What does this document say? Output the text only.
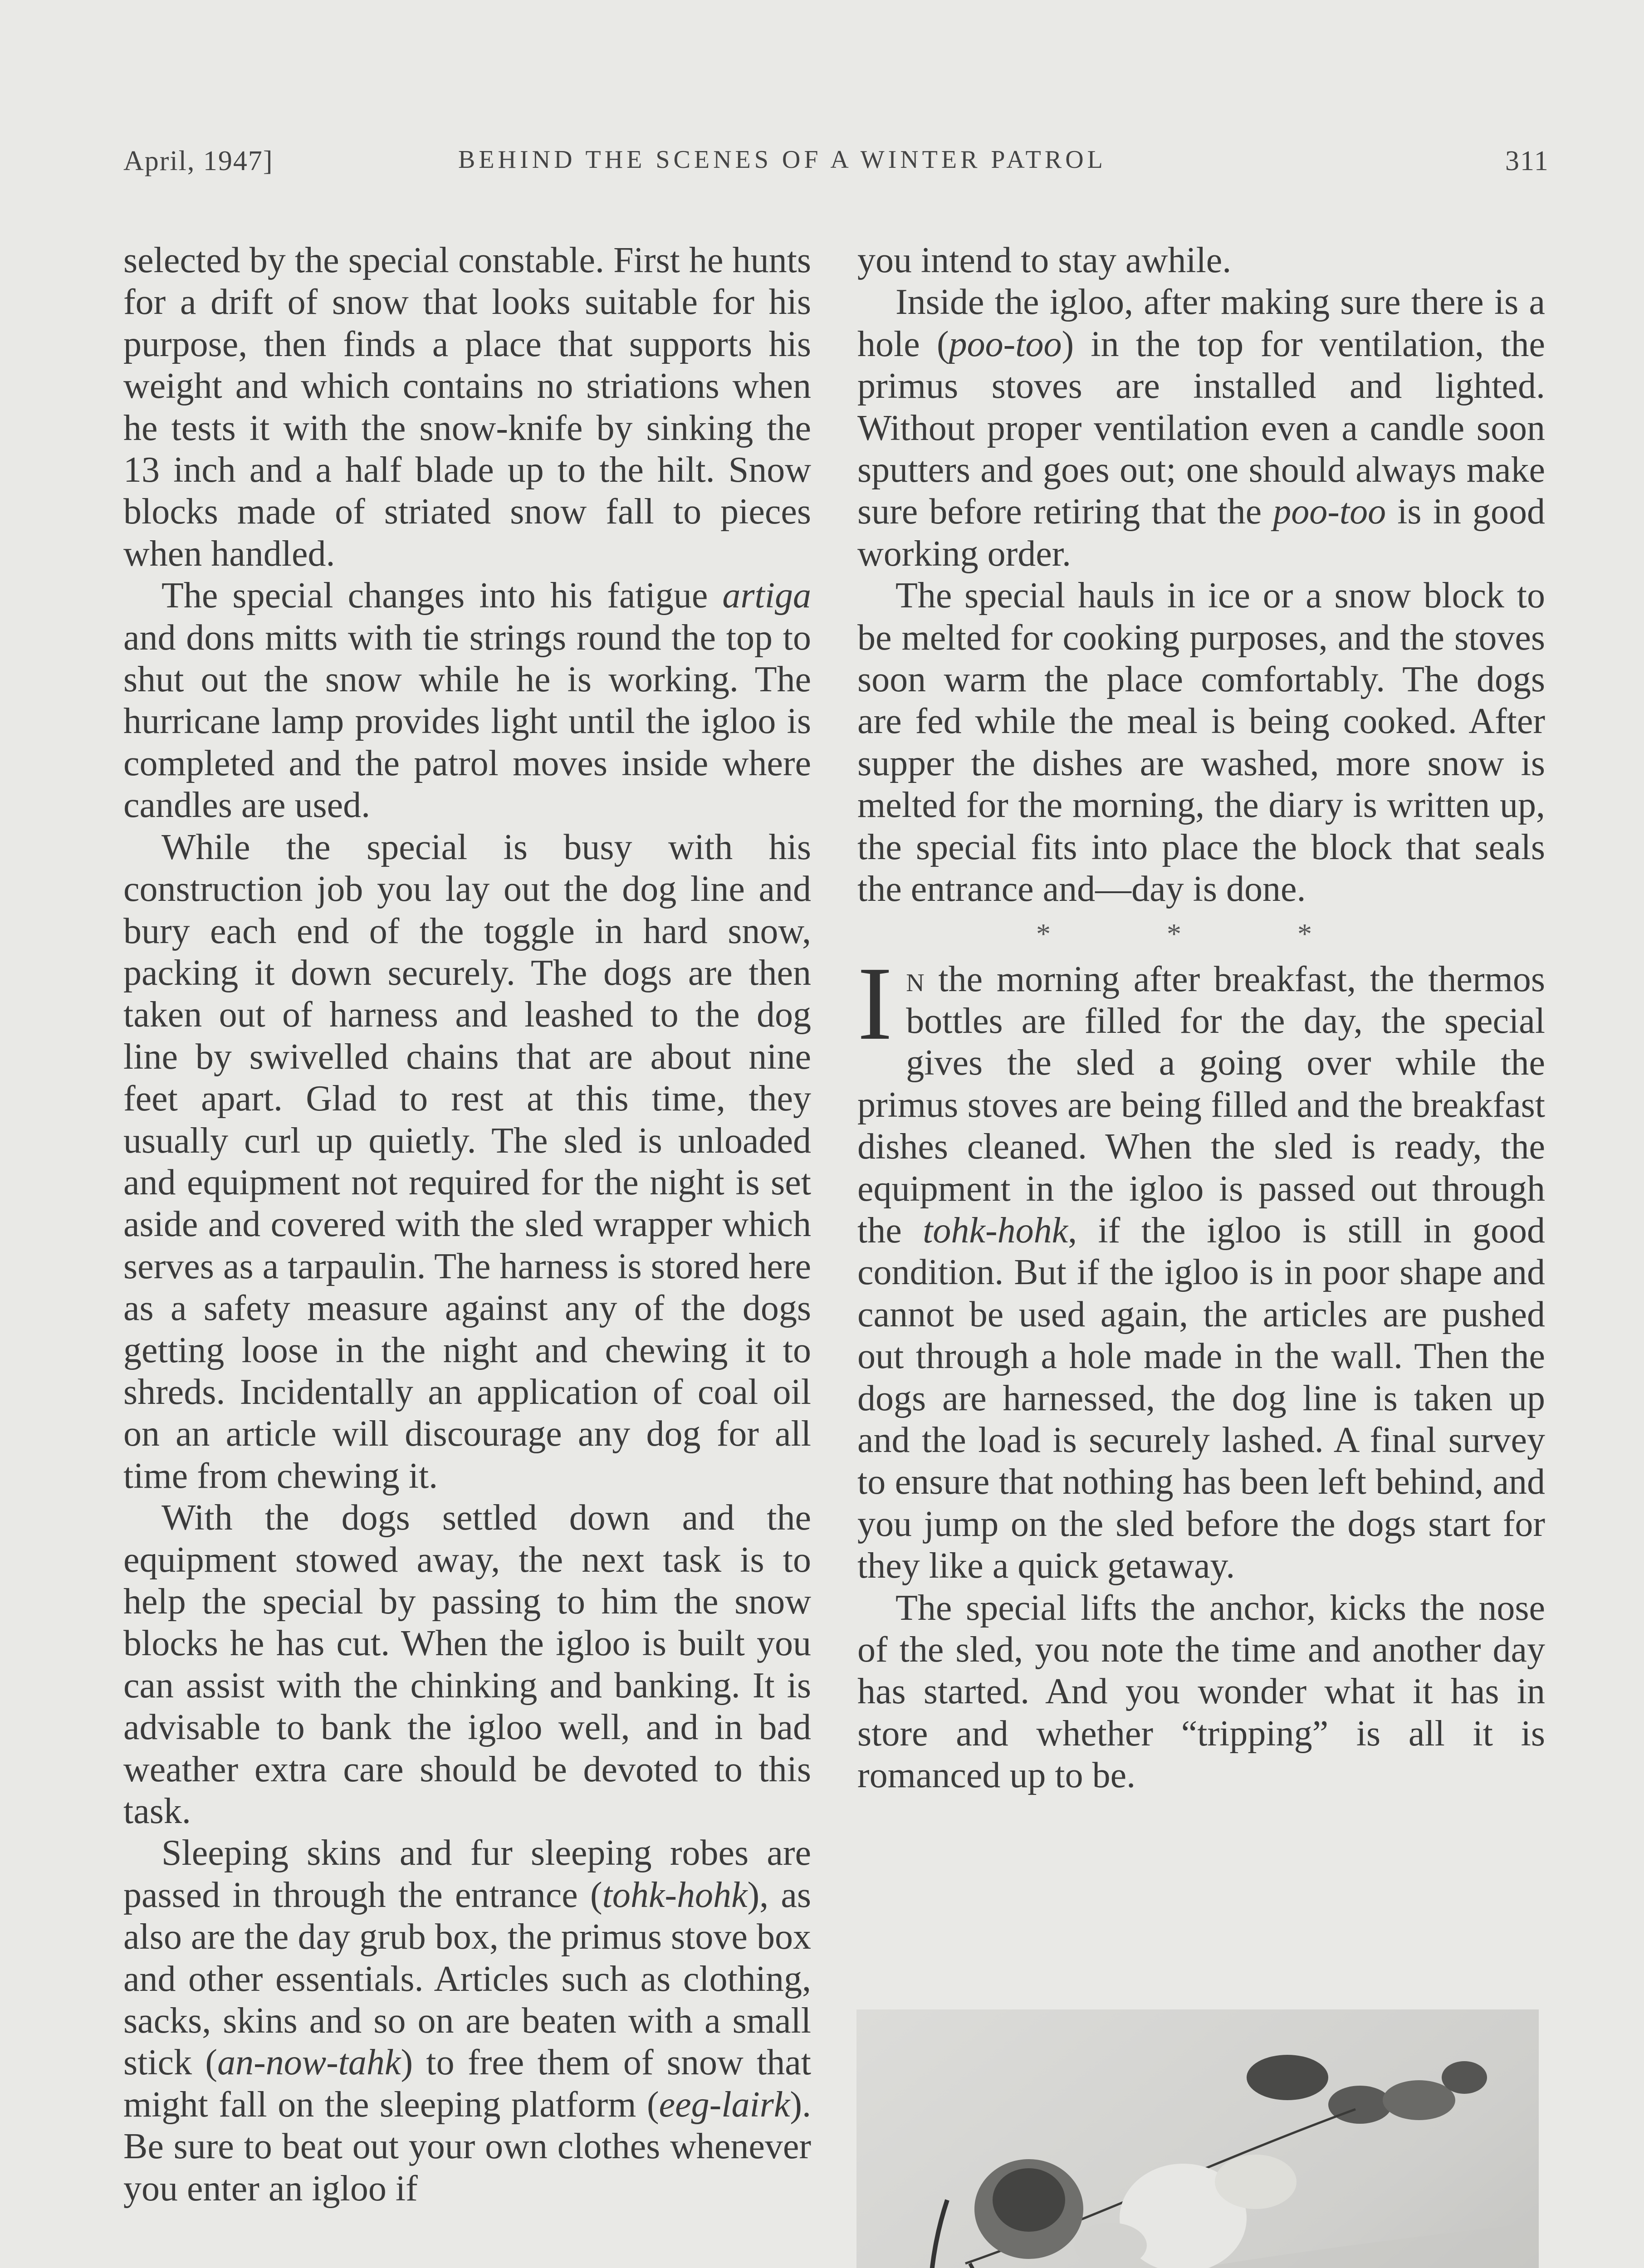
April, 1947]	BEHIND THE SCENES OF A WINTER PATROL	311

selected by the special constable. First he hunts for a drift of snow that looks suitable for his purpose, then finds a place that supports his weight and which contains no striations when he tests it with the snow-knife by sinking the 13 inch and a half blade up to the hilt. Snow blocks made of striated snow fall to pieces when handled.

The special changes into his fatigue artiga and dons mitts with tie strings round the top to shut out the snow while he is working. The hurricane lamp provides light until the igloo is completed and the patrol moves inside where candles are used.

While the special is busy with his construction job you lay out the dog line and bury each end of the toggle in hard snow, packing it down securely. The dogs are then taken out of harness and leashed to the dog line by swivelled chains that are about nine feet apart. Glad to rest at this time, they usually curl up quietly. The sled is unloaded and equipment not required for the night is set aside and covered with the sled wrapper which serves as a tarpaulin. The harness is stored here as a safety measure against any of the dogs getting loose in the night and chewing it to shreds. Incidentally an application of coal oil on an article will discourage any dog for all time from chewing it.

With the dogs settled down and the equipment stowed away, the next task is to help the special by passing to him the snow blocks he has cut. When the igloo is built you can assist with the chinking and banking. It is advisable to bank the igloo well, and in bad weather extra care should be devoted to this task.

Sleeping skins and fur sleeping robes are passed in through the entrance (tohk-hohk), as also are the day grub box, the primus stove box and other essentials. Articles such as clothing, sacks, skins and so on are beaten with a small stick (an-now-tahk) to free them of snow that might fall on the sleeping platform (eeg-lairk). Be sure to beat out your own clothes whenever you enter an igloo if

you intend to stay awhile.

Inside the igloo, after making sure there is a hole (poo-too) in the top for ventilation, the primus stoves are installed and lighted. Without proper ventilation even a candle soon sputters and goes out; one should always make sure before retiring that the poo-too is in good working order.

The special hauls in ice or a snow block to be melted for cooking purposes, and the stoves soon warm the place comfortably. The dogs are fed while the meal is being cooked. After supper the dishes are washed, more snow is melted for the morning, the diary is written up, the special fits into place the block that seals the entrance and—day is done.

* * *

In the morning after breakfast, the thermos bottles are filled for the day, the special gives the sled a going over while the primus stoves are being filled and the breakfast dishes cleaned. When the sled is ready, the equipment in the igloo is passed out through the tohk-hohk, if the igloo is still in good condition. But if the igloo is in poor shape and cannot be used again, the articles are pushed out through a hole made in the wall. Then the dogs are harnessed, the dog line is taken up and the load is securely lashed. A final survey to ensure that nothing has been left behind, and you jump on the sled before the dogs start for they like a quick getaway.

The special lifts the anchor, kicks the nose of the sled, you note the time and another day has started. And you wonder what it has in store and whether “tripping” is all it is romanced up to be.
